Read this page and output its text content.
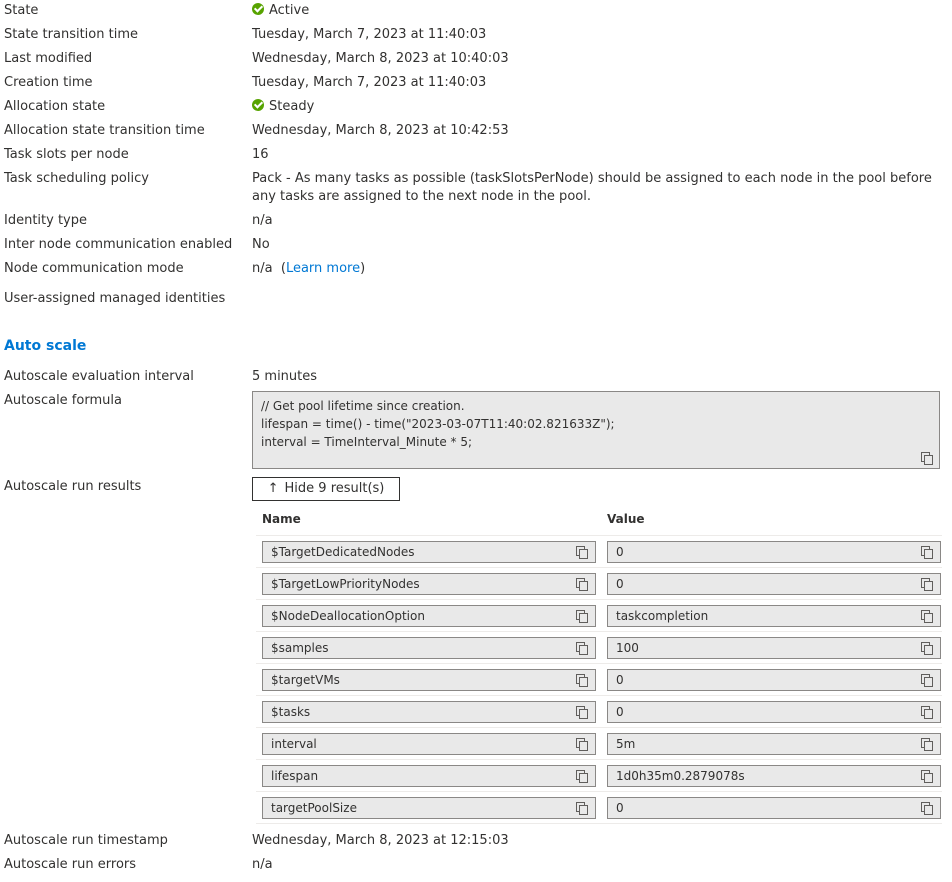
State	Active
State transition time	Tuesday, March 7, 2023 at 11:40:03
Last modified	Wednesday, March 8, 2023 at 10:40:03
Creation time	Tuesday, March 7, 2023 at 11:40:03
Allocation state	Steady
Allocation state transition time	Wednesday, March 8, 2023 at 10:42:53
Task slots per node	16
Task scheduling policy	Pack - As many tasks as possible (taskSlotsPerNode) should be assigned to each node in the pool before any tasks are assigned to the next node in the pool.
Identity type	n/a
Inter node communication enabled No
Node communication mode	n/a  (Learn more)
User-assigned managed identities
Auto scale
Autoscale evaluation interval	5 minutes
Autoscale formula	// Get pool lifetime since creation.
lifespan = time() - time("2023-03-07T11:40:02.821633Z");
interval = TimeInterval_Minute * 5;
Autoscale run results	↑ Hide 9 result(s)
Name	Value
$TargetDedicatedNodes	0
$TargetLowPriorityNodes	0
$NodeDeallocationOption	taskcompletion
$samples	100
$targetVMs	0
$tasks	0
interval	5m
lifespan	1d0h35m0.2879078s
targetPoolSize	0
Autoscale run timestamp	Wednesday, March 8, 2023 at 12:15:03
Autoscale run errors	n/a
